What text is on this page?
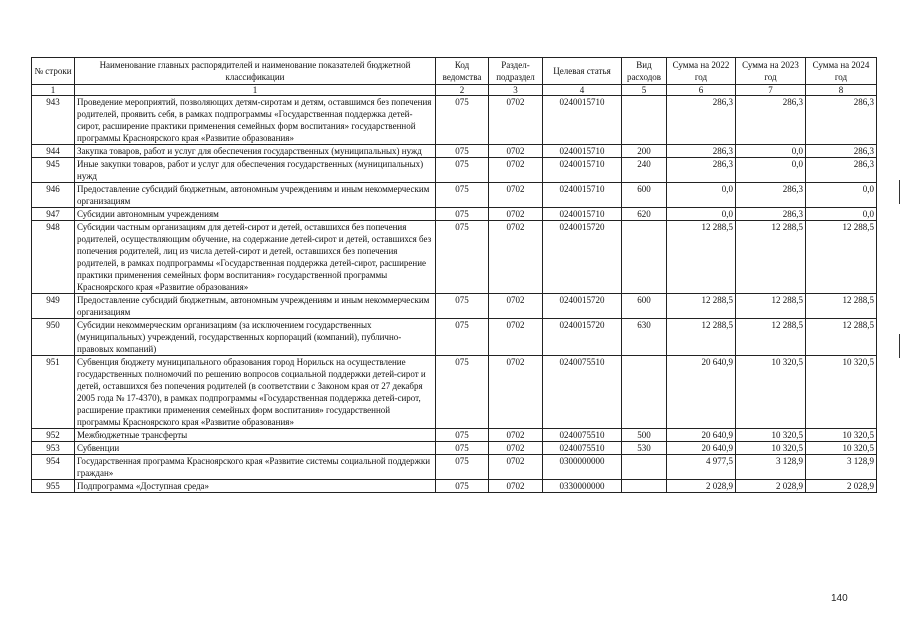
№ строки	Наименование главных распорядителей и наименование показателей бюджетной классификации	Код ведомства	Раздел-подраздел	Целевая статья	Вид расходов	Сумма на 2022 год	Сумма на 2023 год	Сумма на 2024 год
1	1	2	3	4	5	6	7	8
943	Проведение мероприятий, позволяющих детям-сиротам и детям, оставшимся без попечения родителей, проявить себя, в рамках подпрограммы «Государственная поддержка детей-сирот, расширение практики применения семейных форм воспитания» государственной программы Красноярского края «Развитие образования»	075	0702	0240015710		286,3	286,3	286,3
944	Закупка товаров, работ и услуг для обеспечения государственных (муниципальных) нужд	075	0702	0240015710	200	286,3	0,0	286,3
945	Иные закупки товаров, работ и услуг для обеспечения государственных (муниципальных) нужд	075	0702	0240015710	240	286,3	0,0	286,3
946	Предоставление субсидий бюджетным, автономным учреждениям и иным некоммерческим организациям	075	0702	0240015710	600	0,0	286,3	0,0
947	Субсидии автономным учреждениям	075	0702	0240015710	620	0,0	286,3	0,0
948	Субсидии частным организациям для детей-сирот и детей, оставшихся без попечения родителей, осуществляющим обучение, на содержание детей-сирот и детей, оставшихся без попечения родителей, лиц из числа детей-сирот и детей, оставшихся без попечения родителей, в рамках подпрограммы «Государственная поддержка детей-сирот, расширение практики применения семейных форм воспитания» государственной программы Красноярского края «Развитие образования»	075	0702	0240015720		12 288,5	12 288,5	12 288,5
949	Предоставление субсидий бюджетным, автономным учреждениям и иным некоммерческим организациям	075	0702	0240015720	600	12 288,5	12 288,5	12 288,5
950	Субсидии некоммерческим организациям (за исключением государственных (муниципальных) учреждений, государственных корпораций (компаний), публично-правовых компаний)	075	0702	0240015720	630	12 288,5	12 288,5	12 288,5
951	Субвенция бюджету муниципального образования город Норильск на осуществление государственных полномочий по решению вопросов социальной поддержки детей-сирот и детей, оставшихся без попечения родителей (в соответствии с Законом края от 27 декабря 2005 года № 17-4370), в рамках подпрограммы «Государственная поддержка детей-сирот, расширение практики применения семейных форм воспитания» государственной программы Красноярского края «Развитие образования»	075	0702	0240075510		20 640,9	10 320,5	10 320,5
952	Межбюджетные трансферты	075	0702	0240075510	500	20 640,9	10 320,5	10 320,5
953	Субвенции	075	0702	0240075510	530	20 640,9	10 320,5	10 320,5
954	Государственная программа Красноярского края «Развитие системы социальной поддержки граждан»	075	0702	0300000000		4 977,5	3 128,9	3 128,9
955	Подпрограмма «Доступная среда»	075	0702	0330000000		2 028,9	2 028,9	2 028,9
140
